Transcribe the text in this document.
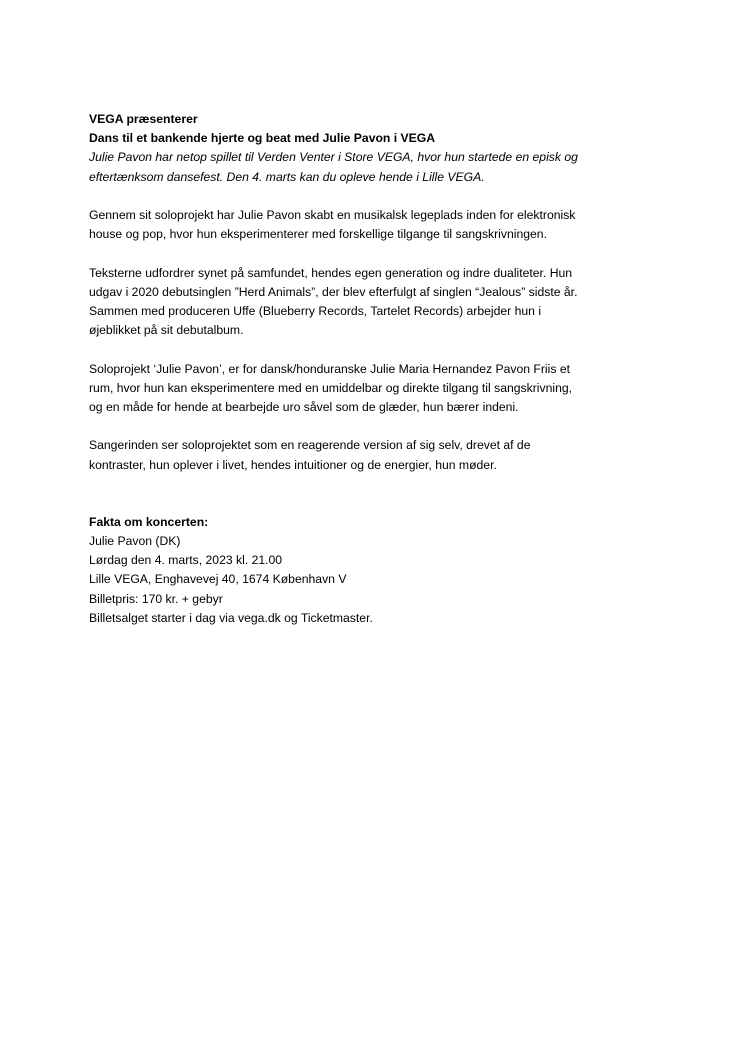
VEGA præsenterer
Dans til et bankende hjerte og beat med Julie Pavon i VEGA
Julie Pavon har netop spillet til Verden Venter i Store VEGA, hvor hun startede en episk og
eftertænksom dansefest. Den 4. marts kan du opleve hende i Lille VEGA.
Gennem sit soloprojekt har Julie Pavon skabt en musikalsk legeplads inden for elektronisk
house og pop, hvor hun eksperimenterer med forskellige tilgange til sangskrivningen.
Teksterne udfordrer synet på samfundet, hendes egen generation og indre dualiteter. Hun
udgav i 2020 debutsinglen ”Herd Animals”, der blev efterfulgt af singlen “Jealous” sidste år.
Sammen med produceren Uffe (Blueberry Records, Tartelet Records) arbejder hun i
øjeblikket på sit debutalbum.
Soloprojekt ‘Julie Pavon’, er for dansk/honduranske Julie Maria Hernandez Pavon Friis et
rum, hvor hun kan eksperimentere med en umiddelbar og direkte tilgang til sangskrivning,
og en måde for hende at bearbejde uro såvel som de glæder, hun bærer indeni.
Sangerinden ser soloprojektet som en reagerende version af sig selv, drevet af de
kontraster, hun oplever i livet, hendes intuitioner og de energier, hun møder.
Fakta om koncerten:
Julie Pavon (DK)
Lørdag den 4. marts, 2023 kl. 21.00
Lille VEGA, Enghavevej 40, 1674 København V
Billetpris: 170 kr. + gebyr
Billetsalget starter i dag via vega.dk og Ticketmaster.
